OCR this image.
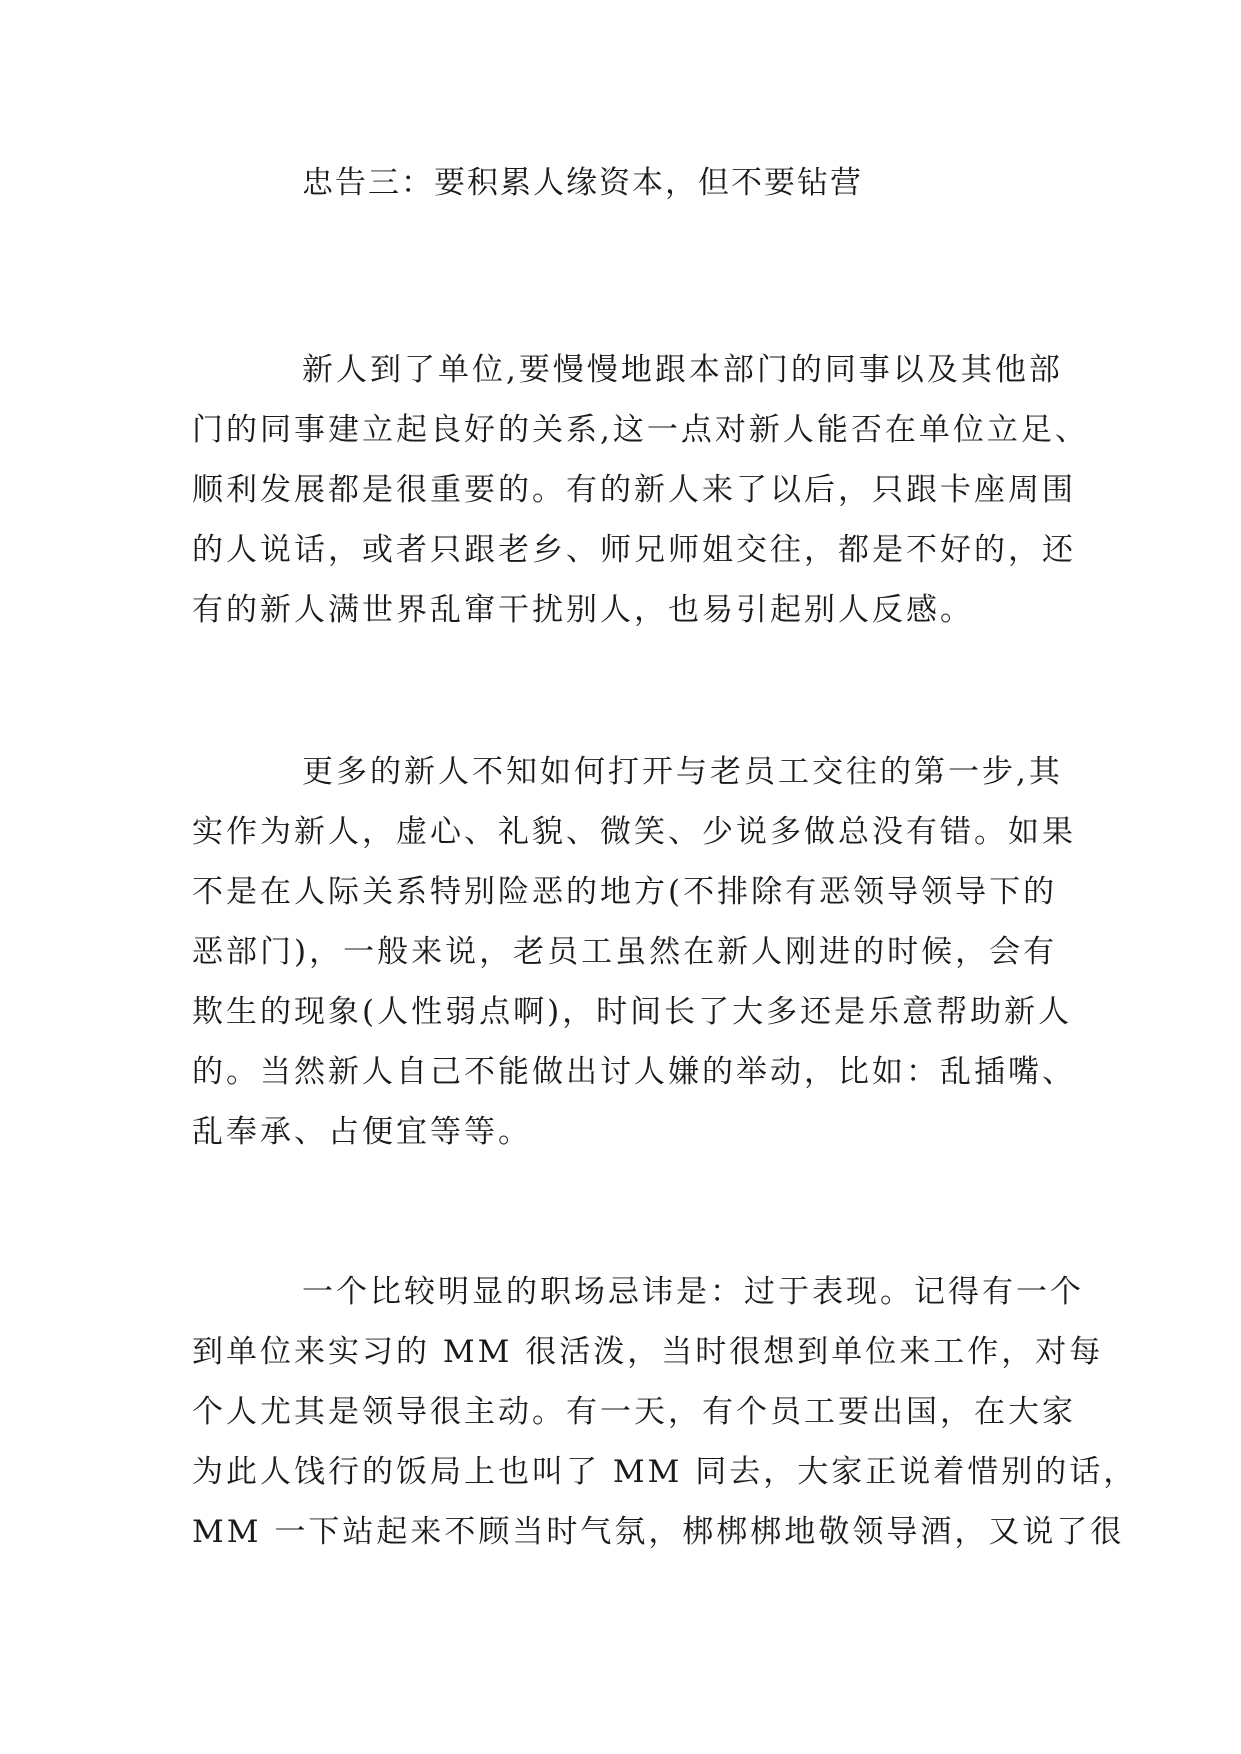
忠告三：要积累人缘资本，但不要钻营
新人到了单位,要慢慢地跟本部门的同事以及其他部
门的同事建立起良好的关系,这一点对新人能否在单位立足、
顺利发展都是很重要的。有的新人来了以后，只跟卡座周围
的人说话，或者只跟老乡、师兄师姐交往，都是不好的，还
有的新人满世界乱窜干扰别人，也易引起别人反感。
更多的新人不知如何打开与老员工交往的第一步,其
实作为新人，虚心、礼貌、微笑、少说多做总没有错。如果
不是在人际关系特别险恶的地方(不排除有恶领导领导下的
恶部门)，一般来说，老员工虽然在新人刚进的时候，会有
欺生的现象(人性弱点啊)，时间长了大多还是乐意帮助新人
的。当然新人自己不能做出讨人嫌的举动，比如：乱插嘴、
乱奉承、占便宜等等。
一个比较明显的职场忌讳是：过于表现。记得有一个
到单位来实习的 MM 很活泼，当时很想到单位来工作，对每
个人尤其是领导很主动。有一天，有个员工要出国，在大家
为此人饯行的饭局上也叫了 MM 同去，大家正说着惜别的话，
MM 一下站起来不顾当时气氛，梆梆梆地敬领导酒，又说了很
